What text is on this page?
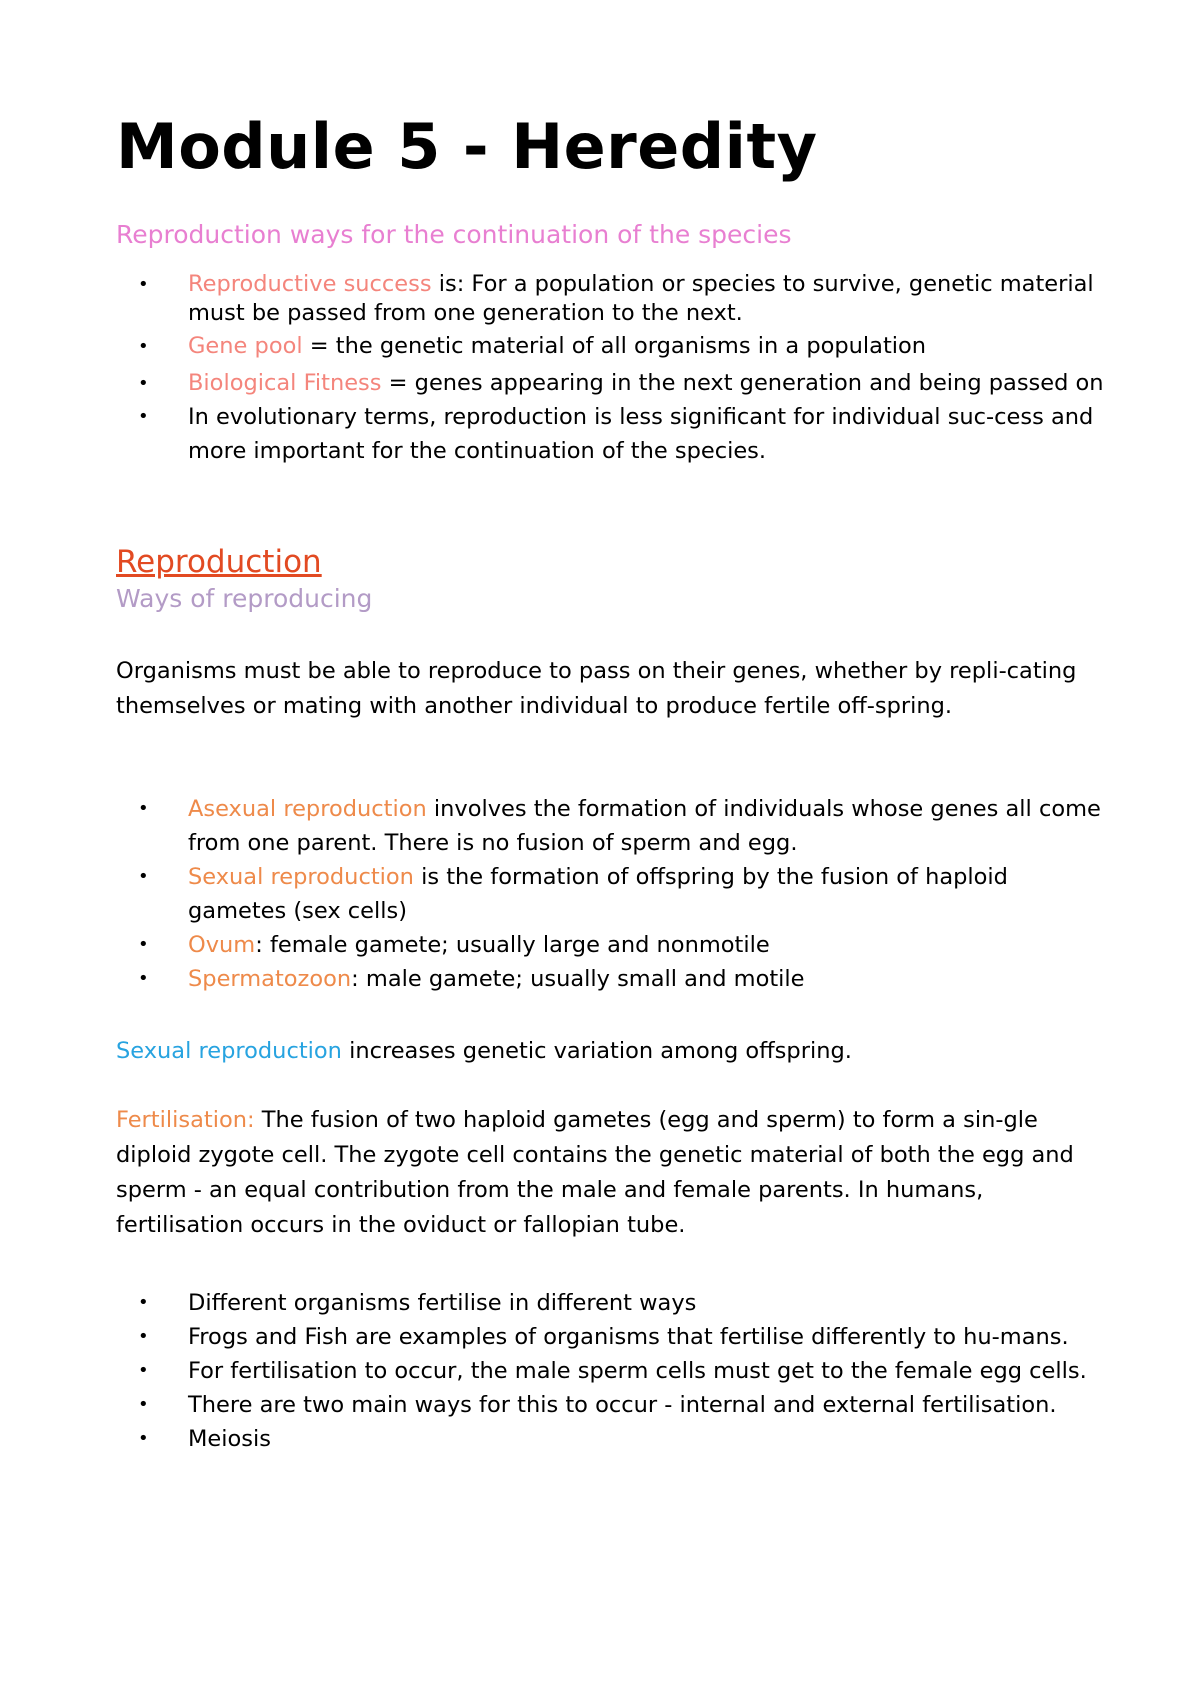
Module 5 - Heredity
Reproduction ways for the continuation of the species
• Reproductive success is: For a population or species to survive, genetic material must be passed from one generation to the next.
• Gene pool = the genetic material of all organisms in a population
• Biological Fitness = genes appearing in the next generation and being passed on
• In evolutionary terms, reproduction is less significant for individual suc-cess and more important for the continuation of the species.
Reproduction
Ways of reproducing

Organisms must be able to reproduce to pass on their genes, whether by repli-cating themselves or mating with another individual to produce fertile off-spring.

• Asexual reproduction involves the formation of individuals whose genes all come from one parent. There is no fusion of sperm and egg.
• Sexual reproduction is the formation of offspring by the fusion of haploid gametes (sex cells)
• Ovum: female gamete; usually large and nonmotile
• Spermatozoon: male gamete; usually small and motile

Sexual reproduction increases genetic variation among offspring.

Fertilisation: The fusion of two haploid gametes (egg and sperm) to form a sin-gle diploid zygote cell. The zygote cell contains the genetic material of both the egg and sperm - an equal contribution from the male and female parents. In humans, fertilisation occurs in the oviduct or fallopian tube.

• Different organisms fertilise in different ways
• Frogs and Fish are examples of organisms that fertilise differently to hu-mans.
• For fertilisation to occur, the male sperm cells must get to the female egg cells.
• There are two main ways for this to occur - internal and external fertilisation.
• Meiosis
